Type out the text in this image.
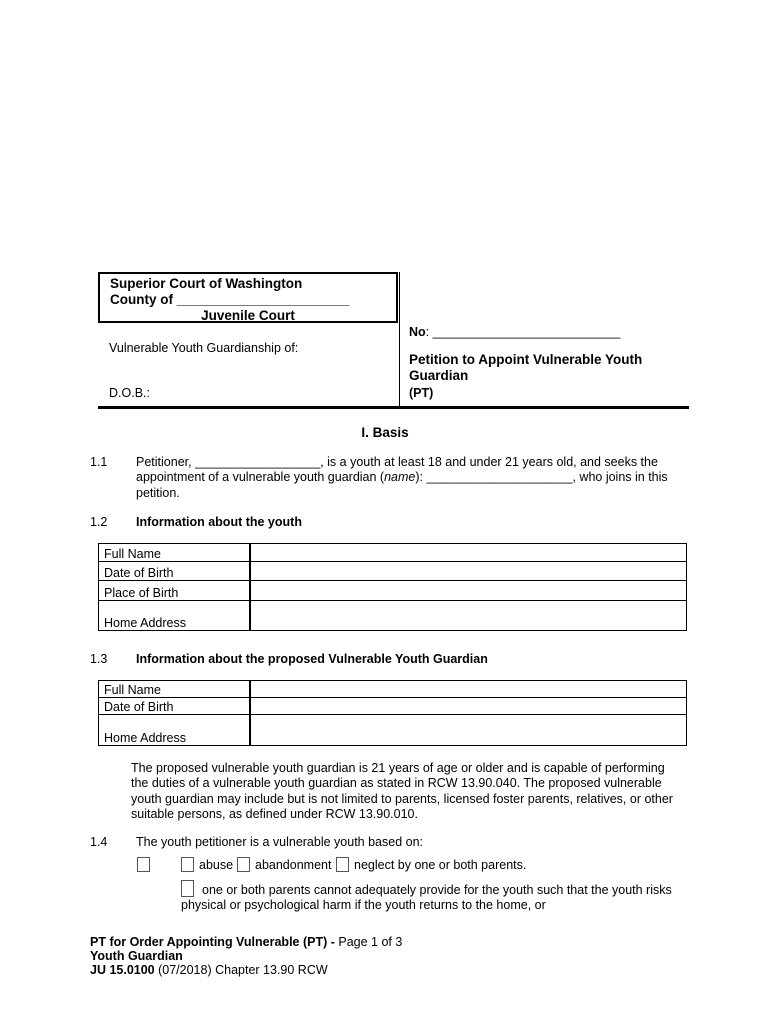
Superior Court of Washington
County of _______________________
Juvenile Court
No: ___________________________
Vulnerable Youth Guardianship of:
D.O.B.:
Petition to Appoint Vulnerable Youth
Guardian
(PT)
I. Basis
1.1 Petitioner, __________________, is a youth at least 18 and under 21 years old, and seeks the
appointment of a vulnerable youth guardian (name): _____________________, who joins in this
petition.
1.2 Information about the youth
Full Name	
Date of Birth	
Place of Birth	
Home Address	
1.3 Information about the proposed Vulnerable Youth Guardian
Full Name	
Date of Birth	
Home Address	
The proposed vulnerable youth guardian is 21 years of age or older and is capable of performing
the duties of a vulnerable youth guardian as stated in RCW 13.90.040. The proposed vulnerable
youth guardian may include but is not limited to parents, licensed foster parents, relatives, or other
suitable persons, as defined under RCW 13.90.010.
1.4 The youth petitioner is a vulnerable youth based on:
abuse abandonment neglect by one or both parents.
one or both parents cannot adequately provide for the youth such that the youth risks
physical or psychological harm if the youth returns to the home, or
PT for Order Appointing Vulnerable (PT) - Page 1 of 3
Youth Guardian
JU 15.0100 (07/2018) Chapter 13.90 RCW
